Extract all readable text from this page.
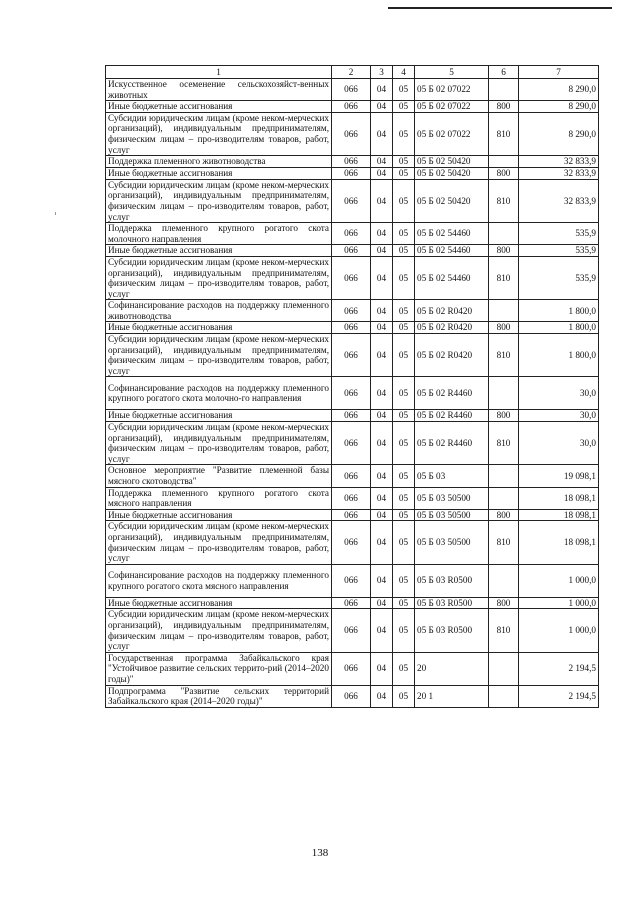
1	2	3	4	5	6	7
Искусственное осеменение сельскохозяйст-венных животных	066	04	05	05 Б 02 07022		8 290,0
Иные бюджетные ассигнования	066	04	05	05 Б 02 07022	800	8 290,0
Субсидии юридическим лицам (кроме неком-мерческих организаций), индивидуальным предпринимателям, физическим лицам – про-изводителям товаров, работ, услуг	066	04	05	05 Б 02 07022	810	8 290,0
Поддержка племенного животноводства	066	04	05	05 Б 02 50420		32 833,9
Иные бюджетные ассигнования	066	04	05	05 Б 02 50420	800	32 833,9
Субсидии юридическим лицам (кроме неком-мерческих организаций), индивидуальным предпринимателям, физическим лицам – про-изводителям товаров, работ, услуг	066	04	05	05 Б 02 50420	810	32 833,9
Поддержка племенного крупного рогатого скота молочного направления	066	04	05	05 Б 02 54460		535,9
Иные бюджетные ассигнования	066	04	05	05 Б 02 54460	800	535,9
Субсидии юридическим лицам (кроме неком-мерческих организаций), индивидуальным предпринимателям, физическим лицам – про-изводителям товаров, работ, услуг	066	04	05	05 Б 02 54460	810	535,9
Софинансирование расходов на поддержку племенного животноводства	066	04	05	05 Б 02 R0420		1 800,0
Иные бюджетные ассигнования	066	04	05	05 Б 02 R0420	800	1 800,0
Субсидии юридическим лицам (кроме неком-мерческих организаций), индивидуальным предпринимателям, физическим лицам – про-изводителям товаров, работ, услуг	066	04	05	05 Б 02 R0420	810	1 800,0
Софинансирование расходов на поддержку племенного крупного рогатого скота молочно-го направления	066	04	05	05 Б 02 R4460		30,0
Иные бюджетные ассигнования	066	04	05	05 Б 02 R4460	800	30,0
Субсидии юридическим лицам (кроме неком-мерческих организаций), индивидуальным предпринимателям, физическим лицам – про-изводителям товаров, работ, услуг	066	04	05	05 Б 02 R4460	810	30,0
Основное мероприятие "Развитие племенной базы мясного скотоводства"	066	04	05	05 Б 03		19 098,1
Поддержка племенного крупного рогатого скота мясного направления	066	04	05	05 Б 03 50500		18 098,1
Иные бюджетные ассигнования	066	04	05	05 Б 03 50500	800	18 098,1
Субсидии юридическим лицам (кроме неком-мерческих организаций), индивидуальным предпринимателям, физическим лицам – про-изводителям товаров, работ, услуг	066	04	05	05 Б 03 50500	810	18 098,1
Софинансирование расходов на поддержку племенного крупного рогатого скота мясного направления	066	04	05	05 Б 03 R0500		1 000,0
Иные бюджетные ассигнования	066	04	05	05 Б 03 R0500	800	1 000,0
Субсидии юридическим лицам (кроме неком-мерческих организаций), индивидуальным предпринимателям, физическим лицам – про-изводителям товаров, работ, услуг	066	04	05	05 Б 03 R0500	810	1 000,0
Государственная программа Забайкальского края "Устойчивое развитие сельских террито-рий (2014–2020 годы)"	066	04	05	20		2 194,5
Подпрограмма "Развитие сельских территорий Забайкальского края (2014–2020 годы)"	066	04	05	20 1		2 194,5
138
